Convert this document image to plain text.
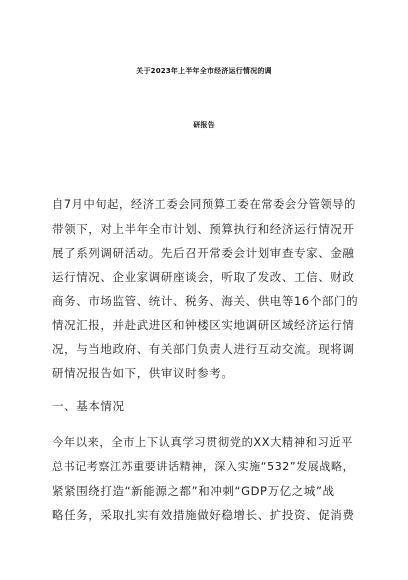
关于2023年上半年全市经济运行情况的调
研报告
自7月中旬起，经济工委会同预算工委在常委会分管领导的
带领下，对上半年全市计划、预算执行和经济运行情况开
展了系列调研活动。先后召开常委会计划审查专家、金融
运行情况、企业家调研座谈会，听取了发改、工信、财政
商务、市场监管、统计、税务、海关、供电等16个部门的
情况汇报，并赴武进区和钟楼区实地调研区域经济运行情
况，与当地政府、有关部门负责人进行互动交流。现将调
研情况报告如下，供审议时参考。
一、基本情况
今年以来，全市上下认真学习贯彻党的XX大精神和习近平
总书记考察江苏重要讲话精神，深入实施“532”发展战略，
紧紧围绕打造“新能源之都”和冲刺“GDP万亿之城”战
略任务，采取扎实有效措施做好稳增长、扩投资、促消费
